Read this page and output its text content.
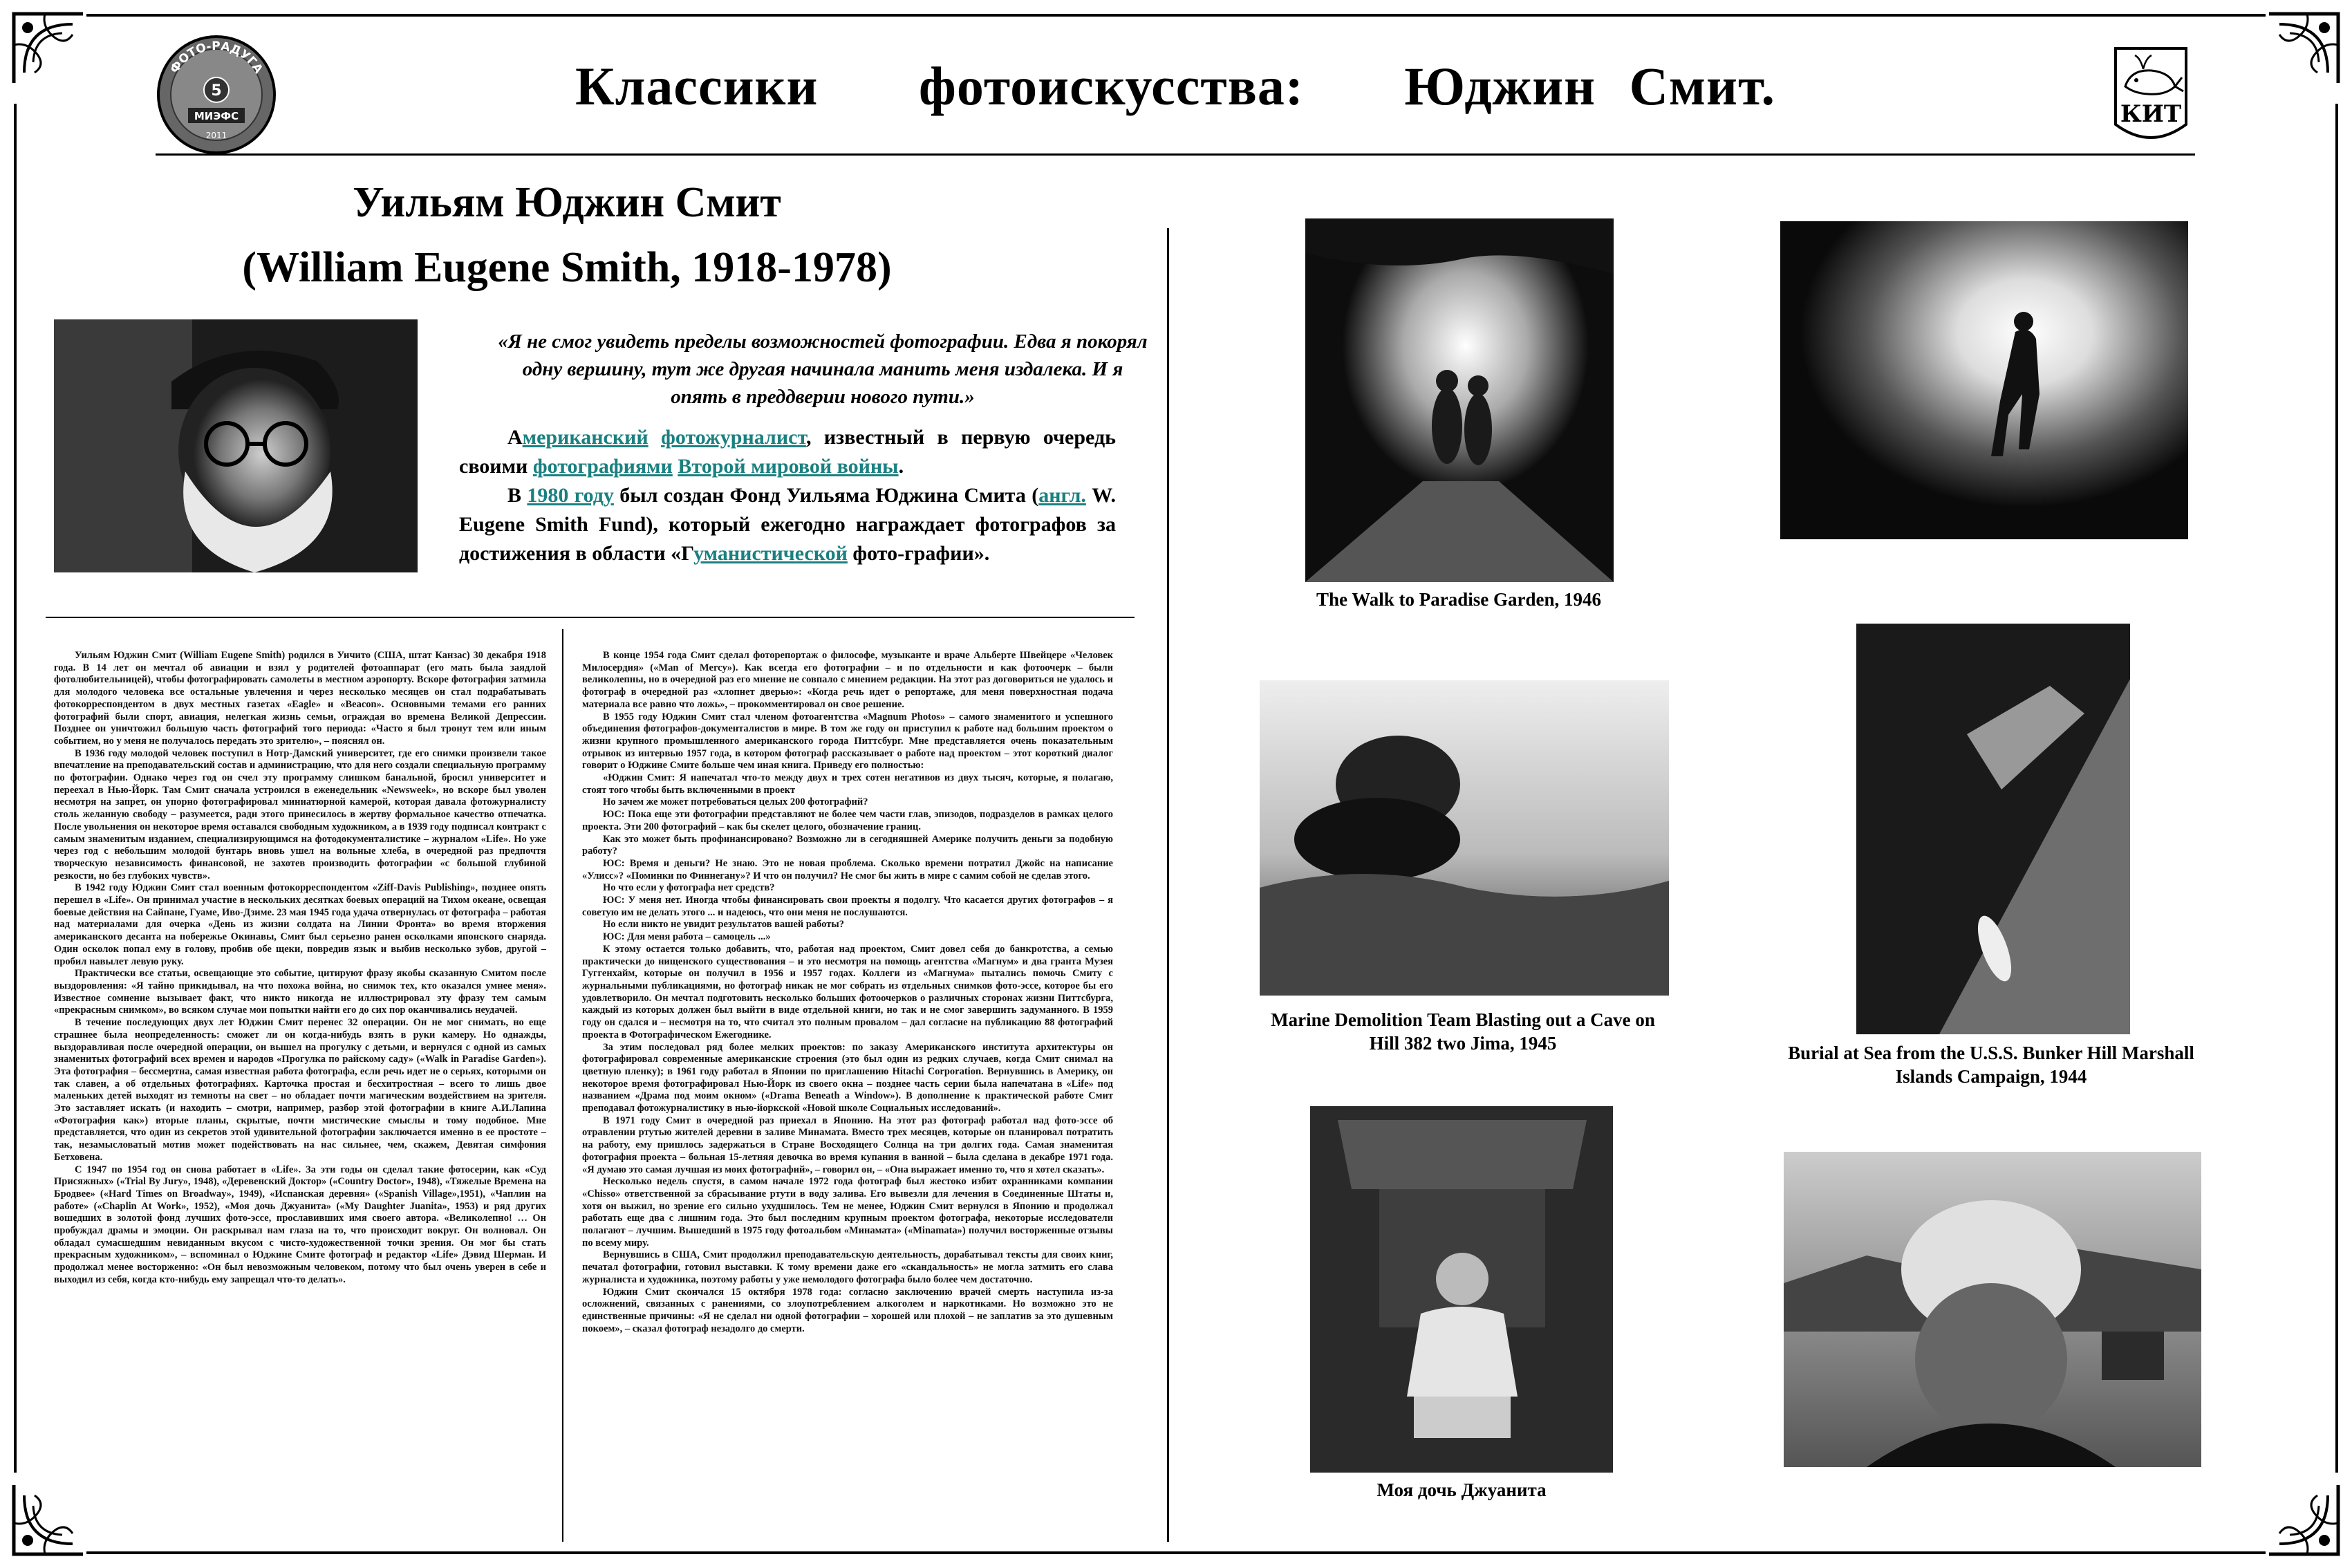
ФОТО-РАДУГА
5
МИЭФС
2011
Классики   фотоискусства:   Юджин Смит.	КИТ
Уильям Юджин Смит
(William Eugene Smith, 1918-1978)
«Я не смог увидеть пределы возможностей фотографии. Едва я покорял одну вершину, тут же другая начинала манить меня издалека. И я опять в преддверии нового пути.»

Американский фотожурналист, известный в первую очередь своими фотографиями Второй мировой войны.

В 1980 году был создан Фонд Уильяма Юджина Смита (англ. W. Eugene Smith Fund), который ежегодно награждает фотографов за достижения в области «Гуманистической фото-графии».

Уильям Юджин Смит (William Eugene Smith) родился в Уичито (США, штат Канзас) 30 декабря 1918 года. В 14 лет он мечтал об авиации и взял у родителей фотоаппарат (его мать была заядлой фотолюбительницей), чтобы фотографировать самолеты в местном аэропорту. Вскоре фотография затмила для молодого человека все остальные увлечения и через несколько месяцев он стал подрабатывать фотокорреспондентом в двух местных газетах «Eagle» и «Beacon». Основными темами его ранних фотографий были спорт, авиация, нелегкая жизнь семьи, ограждая во времена Великой Депрессии. Позднее он уничтожил большую часть фотографий того периода: «Часто я был тронут тем или иным событием, но у меня не получалось передать это зрителю», – пояснял он.

В 1936 году молодой человек поступил в Нотр-Дамский университет, где его снимки произвели такое впечатление на преподавательский состав и администрацию, что для него создали специальную программу по фотографии. Однако через год он счел эту программу слишком банальной, бросил университет и переехал в Нью-Йорк. Там Смит сначала устроился в еженедельник «Newsweek», но вскоре был уволен несмотря на запрет, он упорно фотографировал миниатюрной камерой, которая давала фотожурналисту столь желанную свободу – разумеется, ради этого принесилось в жертву формальное качество отпечатка. После увольнения он некоторое время оставался свободным художником, а в 1939 году подписал контракт с самым знаменитым изданием, специализирующимся на фотодокументалистике – журналом «Life». Но уже через год с небольшим молодой бунтарь вновь ушел на вольные хлеба, в очередной раз предпочтя творческую независимость финансовой, не захотев производить фотографии «с большой глубиной резкости, но без глубоких чувств».

В 1942 году Юджин Смит стал военным фотокорреспондентом «Ziff-Davis Publishing», позднее опять перешел в «Life». Он принимал участие в нескольких десятках боевых операций на Тихом океане, освещая боевые действия на Сайпане, Гуаме, Иво-Дзиме. 23 мая 1945 года удача отвернулась от фотографа – работая над материалами для очерка «День из жизни солдата на Линии Фронта» во время вторжения американского десанта на побережье Окинавы, Смит был серьезно ранен осколками японского снаряда. Один осколок попал ему в голову, пробив обе щеки, повредив язык и выбив несколько зубов, другой – пробил навылет левую руку.

Практически все статьи, освещающие это событие, цитируют фразу якобы сказанную Смитом после выздоровления: «Я тайно прикидывал, на что похожа война, но снимок тех, кто оказался умнее меня». Известное сомнение вызывает факт, что никто никогда не иллюстрировал эту фразу тем самым «прекрасным снимком», во всяком случае мои попытки найти его до сих пор оканчивались неудачей.

В течение последующих двух лет Юджин Смит перенес 32 операции. Он не мог снимать, но еще страшнее была неопределенность: сможет ли он когда-нибудь взять в руки камеру. Но однажды, выздоравливая после очередной операции, он вышел на прогулку с детьми, и вернулся с одной из самых знаменитых фотографий всех времен и народов «Прогулка по райскому саду» («Walk in Paradise Garden»). Эта фотография – бессмертна, самая известная работа фотографа, если речь идет не о серьях, которыми он так славен, а об отдельных фотографиях. Карточка простая и бесхитростная – всего то лишь двое маленьких детей выходят из темноты на свет – но обладает почти магическим воздействием на зрителя. Это заставляет искать (и находить – смотри, например, разбор этой фотографии в книге А.И.Лапина «Фотография как») вторые планы, скрытые, почти мистические смыслы и тому подобное. Мне представляется, что один из секретов этой удивительной фотографии заключается именно в ее простоте – так, незамысловатый мотив может подействовать на нас сильнее, чем, скажем, Девятая симфония Бетховена.

С 1947 по 1954 год он снова работает в «Life». За эти годы он сделал такие фотосерии, как «Суд Присяжных» («Trial By Jury», 1948), «Деревенский Доктор» («Country Doctor», 1948), «Тяжелые Времена на Бродвее» («Hard Times on Broadway», 1949), «Испанская деревня» («Spanish Village»,1951), «Чаплин на работе» («Chaplin At Work», 1952), «Моя дочь Джуанита» («My Daughter Juanita», 1953) и ряд других вошедших в золотой фонд лучших фото-эссе, прославивших имя своего автора. «Великолепно! … Он пробуждал драмы и эмоции. Он раскрывал нам глаза на то, что происходит вокруг. Он волновал. Он обладал сумасшедшим невиданным вкусом с чисто-художественной точки зрения. Он мог бы стать прекрасным художником», – вспоминал о Юджине Смите фотограф и редактор «Life» Дэвид Шерман. И продолжал менее восторженно: «Он был невозможным человеком, потому что был очень уверен в себе и выходил из себя, когда кто-нибудь ему запрещал что-то делать».

В конце 1954 года Смит сделал фоторепортаж о философе, музыканте и враче Альберте Швейцере «Человек Милосердия» («Man of Mercy»). Как всегда его фотографии – и по отдельности и как фотоочерк – были великолепны, но в очередной раз его мнение не совпало с мнением редакции. На этот раз договориться не удалось и фотограф в очередной раз «хлопнет дверью»: «Когда речь идет о репортаже, для меня поверхностная подача материала все равно что ложь», – прокомментировал он свое решение.

В 1955 году Юджин Смит стал членом фотоагентства «Magnum Photos» – самого знаменитого и успешного объединения фотографов-документалистов в мире. В том же году он приступил к работе над большим проектом о жизни крупного промышленного американского города Питтсбург. Мне представляется очень показательным отрывок из интервью 1957 года, в котором фотограф рассказывает о работе над проектом – этот короткий диалог говорит о Юджине Смите больше чем иная книга. Приведу его полностью:

«Юджин Смит: Я напечатал что-то между двух и трех сотен негативов из двух тысяч, которые, я полагаю, стоят того чтобы быть включенными в проект

Но зачем же может потребоваться целых 200 фотографий?

ЮС: Пока еще эти фотографии представляют не более чем части глав, эпизодов, подразделов в рамках целого проекта. Эти 200 фотографий – как бы скелет целого, обозначение границ.

Как это может быть профинансировано? Возможно ли в сегодняшней Америке получить деньги за подобную работу?

ЮС: Время и деньги? Не знаю. Это не новая проблема. Сколько времени потратил Джойс на написание «Улисс»? «Поминки по Финнегану»? И что он получил? Не смог бы жить в мире с самим собой не сделав этого.

Но что если у фотографа нет средств?

ЮС: У меня нет. Иногда чтобы финансировать свои проекты я подолгу. Что касается других фотографов – я советую им не делать этого ... и надеюсь, что они меня не послушаются.

Но если никто не увидит результатов вашей работы?

ЮС: Для меня работа – самоцель ...»

К этому остается только добавить, что, работая над проектом, Смит довел себя до банкротства, а семью практически до нищенского существования – и это несмотря на помощь агентства «Магнум» и два гранта Музея Гуггенхайм, которые он получил в 1956 и 1957 годах. Коллеги из «Магнума» пытались помочь Смиту с журнальными публикациями, но фотограф никак не мог собрать из отдельных снимков фото-эссе, которое бы его удовлетворило. Он мечтал подготовить несколько больших фотоочерков о различных сторонах жизни Питтсбурга, каждый из которых должен был выйти в виде отдельной книги, но так и не смог завершить задуманного. В 1959 году он сдался и – несмотря на то, что считал это полным провалом – дал согласие на публикацию 88 фотографий проекта в Фотографическом Ежегоднике.

За этим последовал ряд более мелких проектов: по заказу Американского института архитектуры он фотографировал современные американские строения (это был один из редких случаев, когда Смит снимал на цветную пленку); в 1961 году работал в Японии по приглашению Hitachi Corporation. Вернувшись в Америку, он некоторое время фотографировал Нью-Йорк из своего окна – позднее часть серии была напечатана в «Life» под названием «Драма под моим окном» («Drama Beneath a Window»). В дополнение к практической работе Смит преподавал фотожурналистику в нью-йоркской «Новой школе Социальных исследований».

В 1971 году Смит в очередной раз приехал в Японию. На этот раз фотограф работал над фото-эссе об отравлении ртутью жителей деревни в заливе Минамата. Вместо трех месяцев, которые он планировал потратить на работу, ему пришлось задержаться в Стране Восходящего Солнца на три долгих года. Самая знаменитая фотография проекта – больная 15-летняя девочка во время купания в ванной – была сделана в декабре 1971 года. «Я думаю это самая лучшая из моих фотографий», – говорил он, – «Она выражает именно то, что я хотел сказать».

Несколько недель спустя, в самом начале 1972 года фотограф был жестоко избит охранниками компании «Chisso» ответственной за сбрасывание ртути в воду залива. Его вывезли для лечения в Соединенные Штаты и, хотя он выжил, но зрение его сильно ухудшилось. Тем не менее, Юджин Смит вернулся в Японию и продолжал работать еще два с лишним года. Это был последним крупным проектом фотографа, некоторые исследователи полагают – лучшим. Вышедший в 1975 году фотоальбом «Минамата» («Minamata») получил восторженные отзывы по всему миру.

Вернувшись в США, Смит продолжил преподавательскую деятельность, дорабатывал тексты для своих книг, печатал фотографии, готовил выставки. К тому времени даже его «скандальность» не могла затмить его слава журналиста и художника, поэтому работы у уже немолодого фотографа было более чем достаточно.

Юджин Смит скончался 15 октября 1978 года: согласно заключению врачей смерть наступила из-за осложнений, связанных с ранениями, со злоупотреблением алкоголем и наркотиками. Но возможно это не единственные причины: «Я не сделал ни одной фотографии – хорошей или плохой – не заплатив за это душевным покоем», – сказал фотограф незадолго до смерти.

The Walk to Paradise Garden, 1946
Marine Demolition Team Blasting out a Cave on Hill 382 two Jima, 1945	Burial at Sea from the U.S.S. Bunker Hill Marshall Islands Campaign, 1944
Моя дочь Джуанита
